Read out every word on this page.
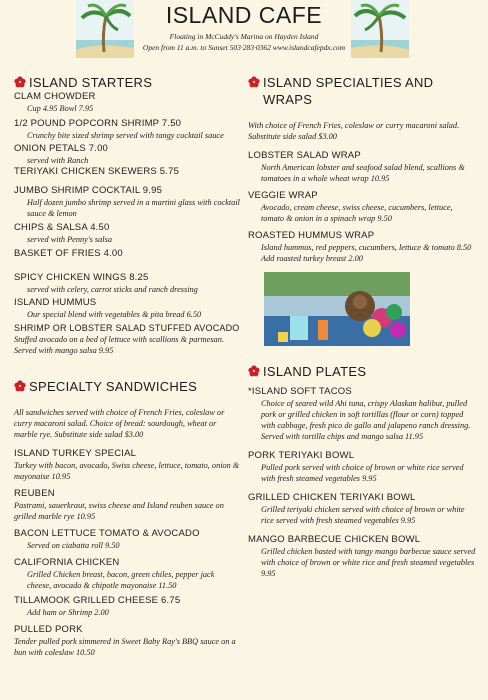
ISLAND CAFE
Floating in McCuddy's Marina on Hayden Island
Open from 11 a.m. to Sunset 503·283·0362 www.islandcafepdx.com
ISLAND STARTERS
CLAM CHOWDER
Cup 4.95 Bowl 7.95
1/2 POUND POPCORN SHRIMP 7.50
Crunchy bite sized shrimp served with tangy cocktail sauce
ONION PETALS 7.00
served with Ranch
TERIYAKI CHICKEN SKEWERS 5.75
JUMBO SHRIMP COCKTAIL 9.95
Half dozen jumbo shrimp served in a martini glass with cocktail sauce & lemon
CHIPS & SALSA 4.50
served with Penny's salsa
BASKET OF FRIES 4.00
SPICY CHICKEN WINGS 8.25
served with celery, carrot sticks and ranch dressing
ISLAND HUMMUS
Our special blend with vegetables & pita bread 6.50
SHRIMP OR LOBSTER SALAD STUFFED AVOCADO
Stuffed avocado on a bed of lettuce with scallions & parmesan. Served with mango salsa 9.95
SPECIALTY SANDWICHES
All sandwiches served with choice of French Fries, coleslaw or curry macaroni salad. Choice of bread: sourdough, wheat or marble rye. Substitute side salad $3.00
ISLAND TURKEY SPECIAL
Turkey with bacon, avocado, Swiss cheese, lettuce, tomato, onion & mayonaise 10.95
REUBEN
Pastrami, sauerkraut, swiss cheese and Island reuben sauce on grilled marble rye 10.95
BACON LETTUCE TOMATO & AVOCADO
Served on ciabatta roll 9.50
CALIFORNIA CHICKEN
Grilled Chicken breast, bacon, green chiles, pepper jack cheese, avocado & chipotle mayonaise 11.50
TILLAMOOK GRILLED CHEESE 6.75
Add ham or Shrimp 2.00
PULLED PORK
Tender pulled pork simmered in Sweet Baby Ray's BBQ sauce on a bun with coleslaw 10.50
ISLAND SPECIALTIES AND WRAPS
With choice of French Fries, coleslaw or curry macaroni salad. Substitute side salad $3.00
LOBSTER SALAD WRAP
North American lobster and seafood salad blend, scallions & tomatoes in a whole wheat wrap 10.95
VEGGIE WRAP
Avocado, cream cheese, swiss cheese, cucumbers, lettuce, tomato & onion in a spinach wrap 9.50
ROASTED HUMMUS WRAP
Island hummus, red peppers, cucumbers, lettuce & tomato 8.50 Add roasted turkey breast 2.00
ISLAND PLATES
*ISLAND SOFT TACOS
Choice of seared wild Ahi tuna, crispy Alaskan halibut, pulled pork or grilled chicken in soft tortillas (flour or corn) topped with cabbage, fresh pico de gallo and jalapeno ranch dressing. Served with tortilla chips and mango salsa 11.95
PORK TERIYAKI BOWL
Pulled pork served with choice of brown or white rice served with fresh steamed vegetables 9.95
GRILLED CHICKEN TERIYAKI BOWL
Grilled teriyaki chicken served with choice of brown or white rice served with fresh steamed vegetables 9.95
MANGO BARBECUE CHICKEN BOWL
Grilled chicken basted with tangy mango barbecue sauce served with choice of brown or white rice and fresh steamed vegetables 9.95
